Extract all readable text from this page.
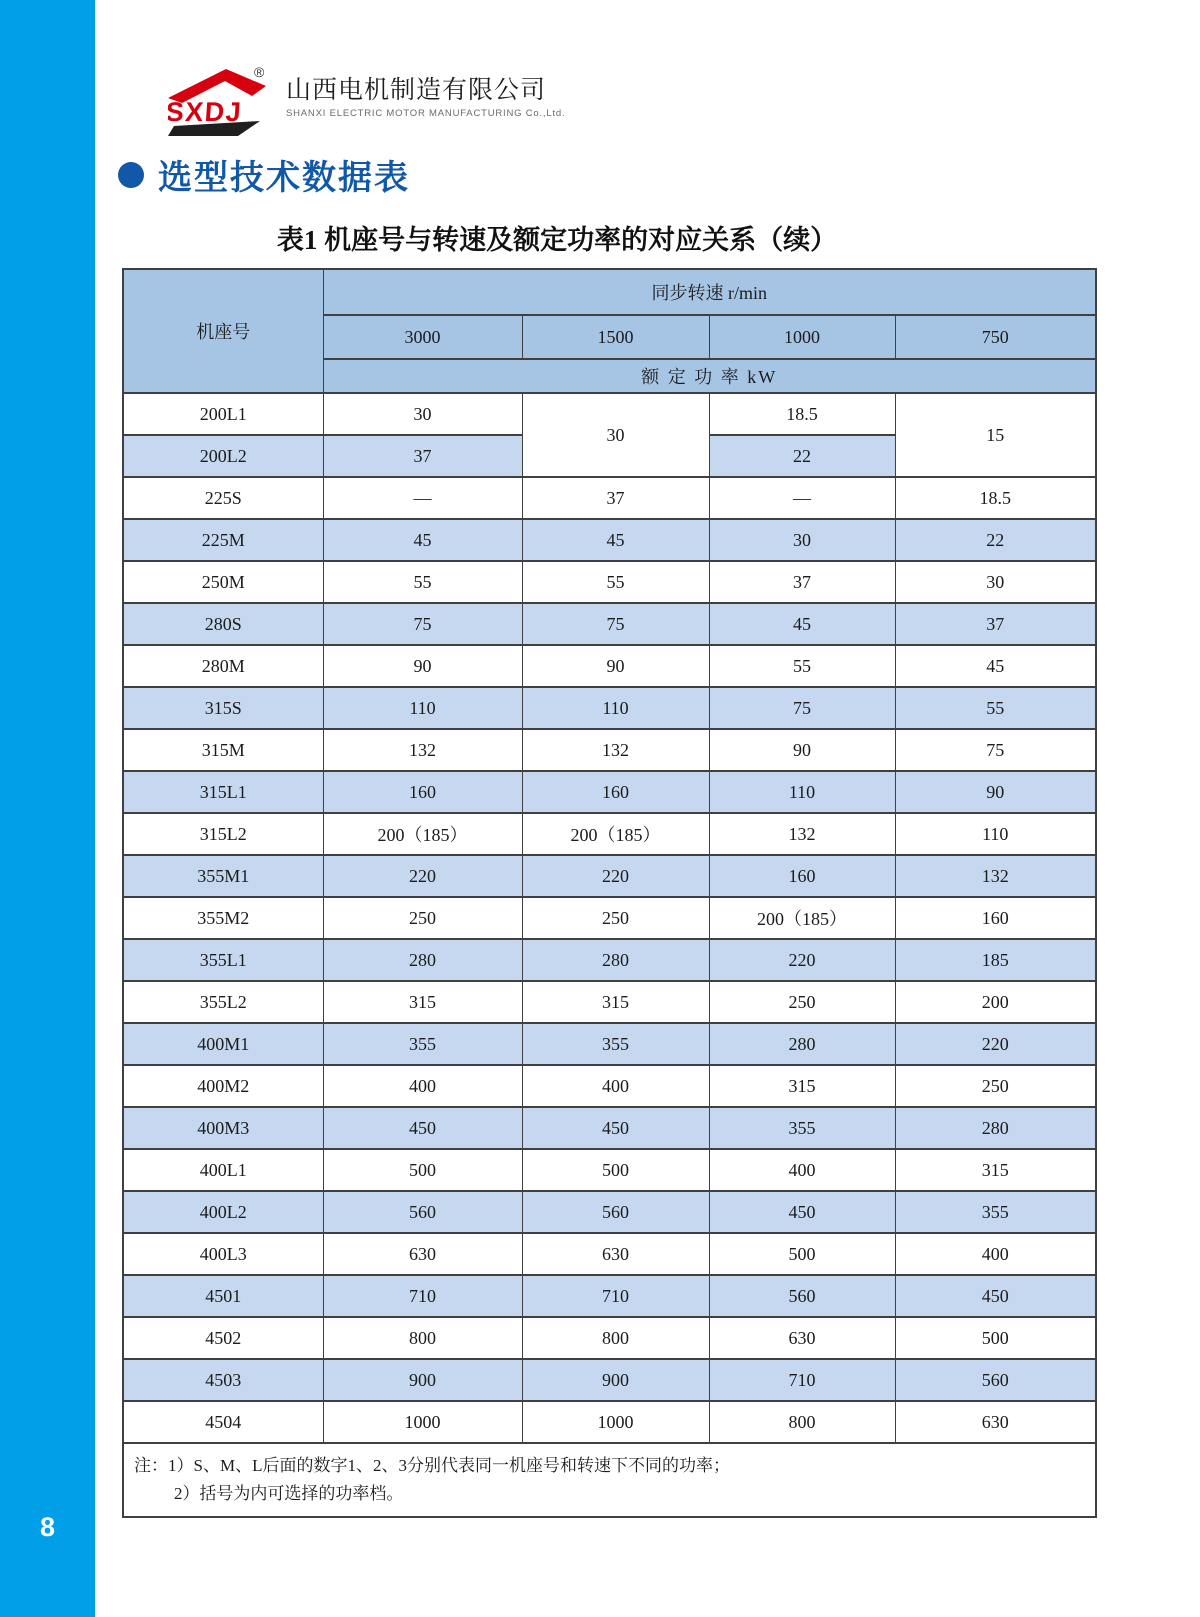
8
SXDJ
®
山西电机制造有限公司
SHANXI ELECTRIC MOTOR MANUFACTURING Co.,Ltd.
选型技术数据表
表1 机座号与转速及额定功率的对应关系（续）
机座号	同步转速 r/min			
	3000	1500	1000	750
	额 定 功 率 kW			
200L1	30	30	18.5	15
200L2	37		22	
225S	—	37	—	18.5
225M	45	45	30	22
250M	55	55	37	30
280S	75	75	45	37
280M	90	90	55	45
315S	110	110	75	55
315M	132	132	90	75
315L1	160	160	110	90
315L2	200（185）	200（185）	132	110
355M1	220	220	160	132
355M2	250	250	200（185）	160
355L1	280	280	220	185
355L2	315	315	250	200
400M1	355	355	280	220
400M2	400	400	315	250
400M3	450	450	355	280
400L1	500	500	400	315
400L2	560	560	450	355
400L3	630	630	500	400
4501	710	710	560	450
4502	800	800	630	500
4503	900	900	710	560
4504	1000	1000	800	630

注：1）S、M、L后面的数字1、2、3分别代表同一机座号和转速下不同的功率；
2）括号为内可选择的功率档。				
